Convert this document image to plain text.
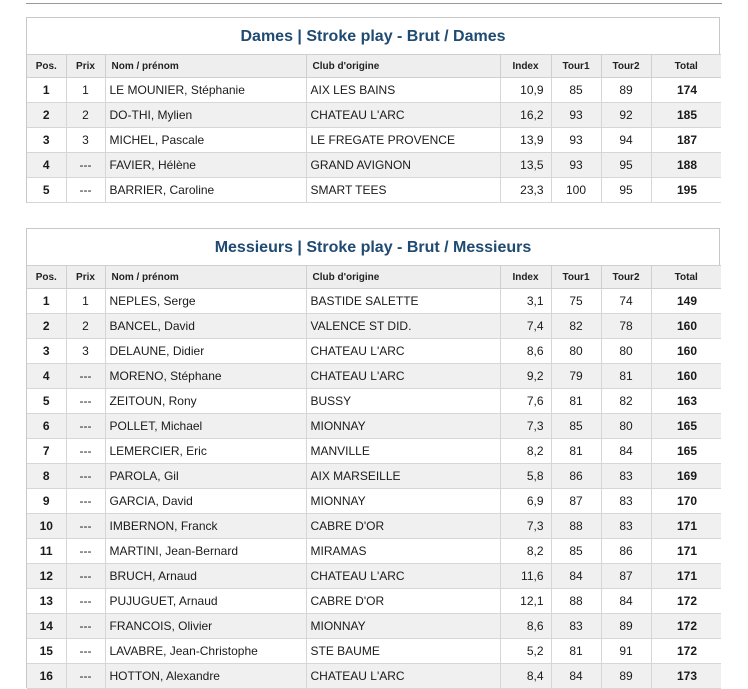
Dames | Stroke play - Brut / Dames
Pos.	Prix	Nom / prénom	Club d'origine	Index	Tour1	Tour2	Total
1	1	LE MOUNIER, Stéphanie	AIX LES BAINS	10,9	85	89	174
2	2	DO-THI, Mylien	CHATEAU L'ARC	16,2	93	92	185
3	3	MICHEL, Pascale	LE FREGATE PROVENCE	13,9	93	94	187
4	---	FAVIER, Hélène	GRAND AVIGNON	13,5	93	95	188
5	---	BARRIER, Caroline	SMART TEES	23,3	100	95	195
Messieurs | Stroke play - Brut / Messieurs
Pos.	Prix	Nom / prénom	Club d'origine	Index	Tour1	Tour2	Total
1	1	NEPLES, Serge	BASTIDE SALETTE	3,1	75	74	149
2	2	BANCEL, David	VALENCE ST DID.	7,4	82	78	160
3	3	DELAUNE, Didier	CHATEAU L'ARC	8,6	80	80	160
4	---	MORENO, Stéphane	CHATEAU L'ARC	9,2	79	81	160
5	---	ZEITOUN, Rony	BUSSY	7,6	81	82	163
6	---	POLLET, Michael	MIONNAY	7,3	85	80	165
7	---	LEMERCIER, Eric	MANVILLE	8,2	81	84	165
8	---	PAROLA, Gil	AIX MARSEILLE	5,8	86	83	169
9	---	GARCIA, David	MIONNAY	6,9	87	83	170
10	---	IMBERNON, Franck	CABRE D'OR	7,3	88	83	171
11	---	MARTINI, Jean-Bernard	MIRAMAS	8,2	85	86	171
12	---	BRUCH, Arnaud	CHATEAU L'ARC	11,6	84	87	171
13	---	PUJUGUET, Arnaud	CABRE D'OR	12,1	88	84	172
14	---	FRANCOIS, Olivier	MIONNAY	8,6	83	89	172
15	---	LAVABRE, Jean-Christophe	STE BAUME	5,2	81	91	172
16	---	HOTTON, Alexandre	CHATEAU L'ARC	8,4	84	89	173
